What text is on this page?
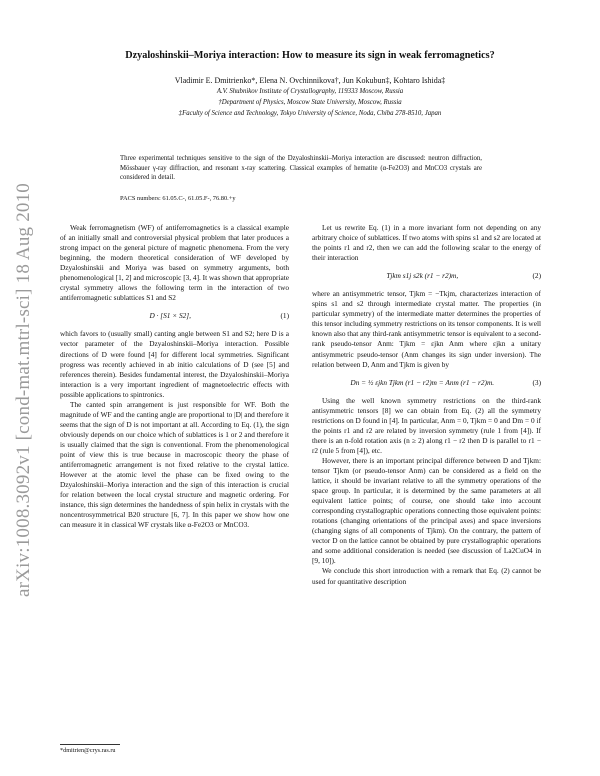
arXiv:1008.3092v1 [cond-mat.mtrl-sci] 18 Aug 2010
Dzyaloshinskii–Moriya interaction: How to measure its sign in weak ferromagnetics?
Vladimir E. Dmitrienko*, Elena N. Ovchinnikova†, Jun Kokubun‡, Kohtaro Ishida‡
A.V. Shubnikov Institute of Crystallography, 119333 Moscow, Russia
†Department of Physics, Moscow State University, Moscow, Russia
‡Faculty of Science and Technology, Tokyo University of Science, Noda, Chiba 278-8510, Japan
Three experimental techniques sensitive to the sign of the Dzyaloshinskii–Moriya interaction are discussed: neutron diffraction, Mössbauer γ-ray diffraction, and resonant x-ray scattering. Classical examples of hematite (α-Fe2O3) and MnCO3 crystals are considered in detail.
PACS numbers: 61.05.C-, 61.05.F-, 76.80.+y

Weak ferromagnetism (WF) of antiferromagnetics is a classical example of an initially small and controversial physical problem that later produces a strong impact on the general picture of magnetic phenomena. From the very beginning, the modern theoretical consideration of WF developed by Dzyaloshinskii and Moriya was based on symmetry arguments, both phenomenological [1, 2] and microscopic [3, 4]. It was shown that appropriate crystal symmetry allows the following term in the interaction of two antiferromagnetic sublattices S1 and S2

D · [S1 × S2],	(1)

which favors to (usually small) canting angle between S1 and S2; here D is a vector parameter of the Dzyaloshinskii–Moriya interaction. Possible directions of D were found [4] for different local symmetries. Significant progress was recently achieved in ab initio calculations of D (see [5] and references therein). Besides fundamental interest, the Dzyaloshinskii–Moriya interaction is a very important ingredient of magnetoelectric effects with possible applications to spintronics.

The canted spin arrangement is just responsible for WF. Both the magnitude of WF and the canting angle are proportional to |D| and therefore it seems that the sign of D is not important at all. According to Eq. (1), the sign obviously depends on our choice which of sublattices is 1 or 2 and therefore it is usually claimed that the sign is conventional. From the phenomenological point of view this is true because in macroscopic theory the phase of antiferromagnetic arrangement is not fixed relative to the crystal lattice. However at the atomic level the phase can be fixed owing to the Dzyaloshinskii–Moriya interaction and the sign of this interaction is crucial for relation between the local crystal structure and magnetic ordering. For instance, this sign determines the handedness of spin helix in crystals with the noncentrosymmetrical B20 structure [6, 7]. In this paper we show how one can measure it in classical WF crystals like α-Fe2O3 or MnCO3.

Let us rewrite Eq. (1) in a more invariant form not depending on any arbitrary choice of sublattices. If two atoms with spins s1 and s2 are located at the points r1 and r2, then we can add the following scalar to the energy of their interaction

Tjkm s1j s2k (r1 − r2)m,	(2)

where an antisymmetric tensor, Tjkm = −Tkjm, characterizes interaction of spins s1 and s2 through intermediate crystal matter. The properties (in particular symmetry) of the intermediate matter determines the properties of this tensor including symmetry restrictions on its tensor components. It is well known also that any third-rank antisymmetric tensor is equivalent to a second-rank pseudo-tensor Anm: Tjkm = εjkn Anm where εjkn a unitary antisymmetric pseudo-tensor (Anm changes its sign under inversion). The relation between D, Anm and Tjkm is given by

Dn = ½ εjkn Tjkm (r1 − r2)m = Anm (r1 − r2)m.	(3)

Using the well known symmetry restrictions on the third-rank antisymmetric tensors [8] we can obtain from Eq. (2) all the symmetry restrictions on D found in [4]. In particular, Anm = 0, Tjkm = 0 and Dm = 0 if the points r1 and r2 are related by inversion symmetry (rule 1 from [4]). If there is an n-fold rotation axis (n ≥ 2) along r1 − r2 then D is parallel to r1 − r2 (rule 5 from [4]), etc.

However, there is an important principal difference between D and Tjkm: tensor Tjkm (or pseudo-tensor Anm) can be considered as a field on the lattice, it should be invariant relative to all the symmetry operations of the space group. In particular, it is determined by the same parameters at all equivalent lattice points; of course, one should take into account corresponding crystallographic operations connecting those equivalent points: rotations (changing orientations of the principal axes) and space inversions (changing signs of all components of Tjkm). On the contrary, the pattern of vector D on the lattice cannot be obtained by pure crystallographic operations and some additional consideration is needed (see discussion of La2CuO4 in [9, 10]).

We conclude this short introduction with a remark that Eq. (2) cannot be used for quantitative description

*dmitrien@crys.ras.ru
